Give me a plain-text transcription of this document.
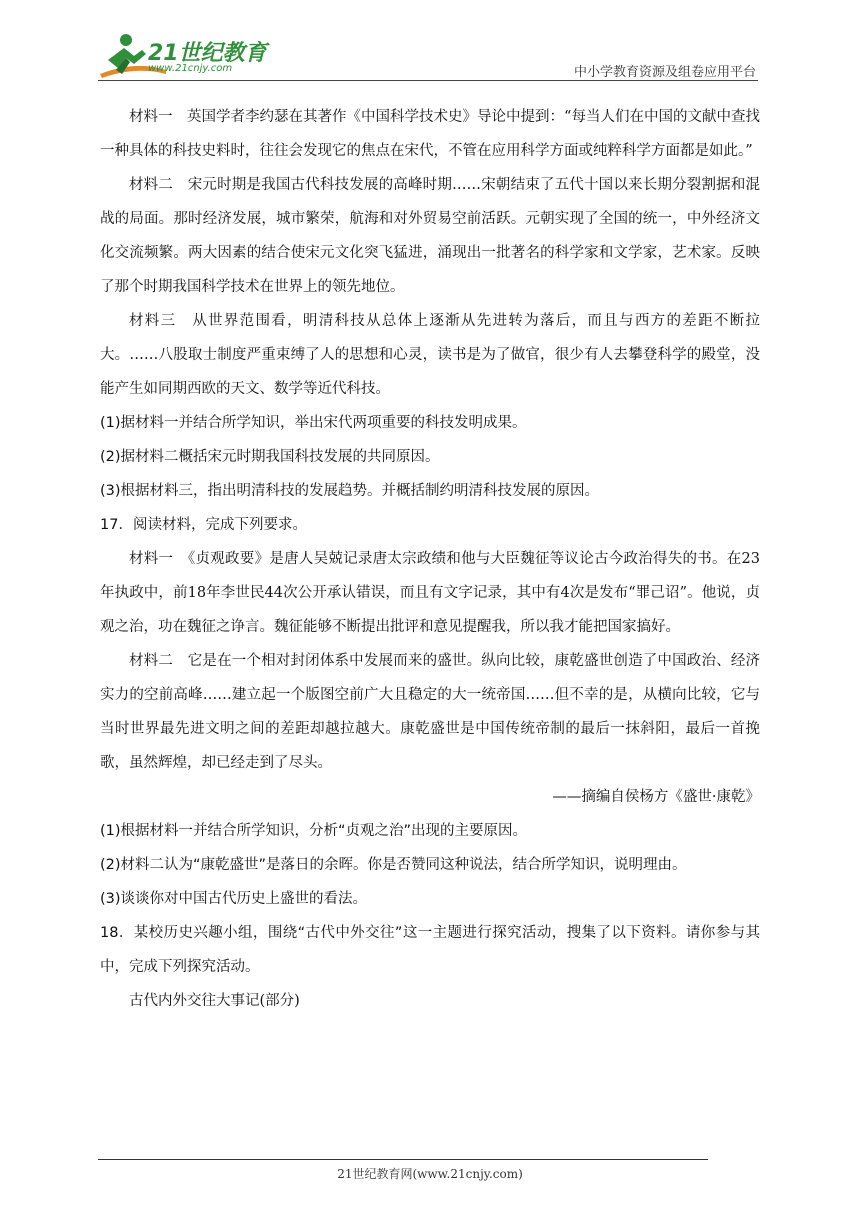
21世纪教育
www.21cnjy.com	中小学教育资源及组卷应用平台

材料一　英国学者李约瑟在其著作《中国科学技术史》导论中提到：“每当人们在中国的文献中查找一种具体的科技史料时，往往会发现它的焦点在宋代，不管在应用科学方面或纯粹科学方面都是如此。”

材料二　宋元时期是我国古代科技发展的高峰时期……宋朝结束了五代十国以来长期分裂割据和混战的局面。那时经济发展，城市繁荣，航海和对外贸易空前活跃。元朝实现了全国的统一，中外经济文化交流频繁。两大因素的结合使宋元文化突飞猛进，涌现出一批著名的科学家和文学家，艺术家。反映了那个时期我国科学技术在世界上的领先地位。

材料三　从世界范围看，明清科技从总体上逐渐从先进转为落后，而且与西方的差距不断拉大。……八股取士制度严重束缚了人的思想和心灵，读书是为了做官，很少有人去攀登科学的殿堂，没能产生如同期西欧的天文、数学等近代科技。

(1)据材料一并结合所学知识，举出宋代两项重要的科技发明成果。

(2)据材料二概括宋元时期我国科技发展的共同原因。

(3)根据材料三，指出明清科技的发展趋势。并概括制约明清科技发展的原因。

17．阅读材料，完成下列要求。

材料一　《贞观政要》是唐人吴兢记录唐太宗政绩和他与大臣魏征等议论古今政治得失的书。在23年执政中，前18年李世民44次公开承认错误，而且有文字记录，其中有4次是发布“罪己诏”。他说，贞观之治，功在魏征之诤言。魏征能够不断提出批评和意见提醒我，所以我才能把国家搞好。

材料二　它是在一个相对封闭体系中发展而来的盛世。纵向比较，康乾盛世创造了中国政治、经济实力的空前高峰……建立起一个版图空前广大且稳定的大一统帝国……但不幸的是，从横向比较，它与当时世界最先进文明之间的差距却越拉越大。康乾盛世是中国传统帝制的最后一抹斜阳，最后一首挽歌，虽然辉煌，却已经走到了尽头。

——摘编自侯杨方《盛世·康乾》

(1)根据材料一并结合所学知识，分析“贞观之治”出现的主要原因。

(2)材料二认为“康乾盛世”是落日的余晖。你是否赞同这种说法，结合所学知识，说明理由。

(3)谈谈你对中国古代历史上盛世的看法。

18．某校历史兴趣小组，围绕“古代中外交往”这一主题进行探究活动，搜集了以下资料。请你参与其中，完成下列探究活动。

古代内外交往大事记(部分)

21世纪教育网(www.21cnjy.com)
